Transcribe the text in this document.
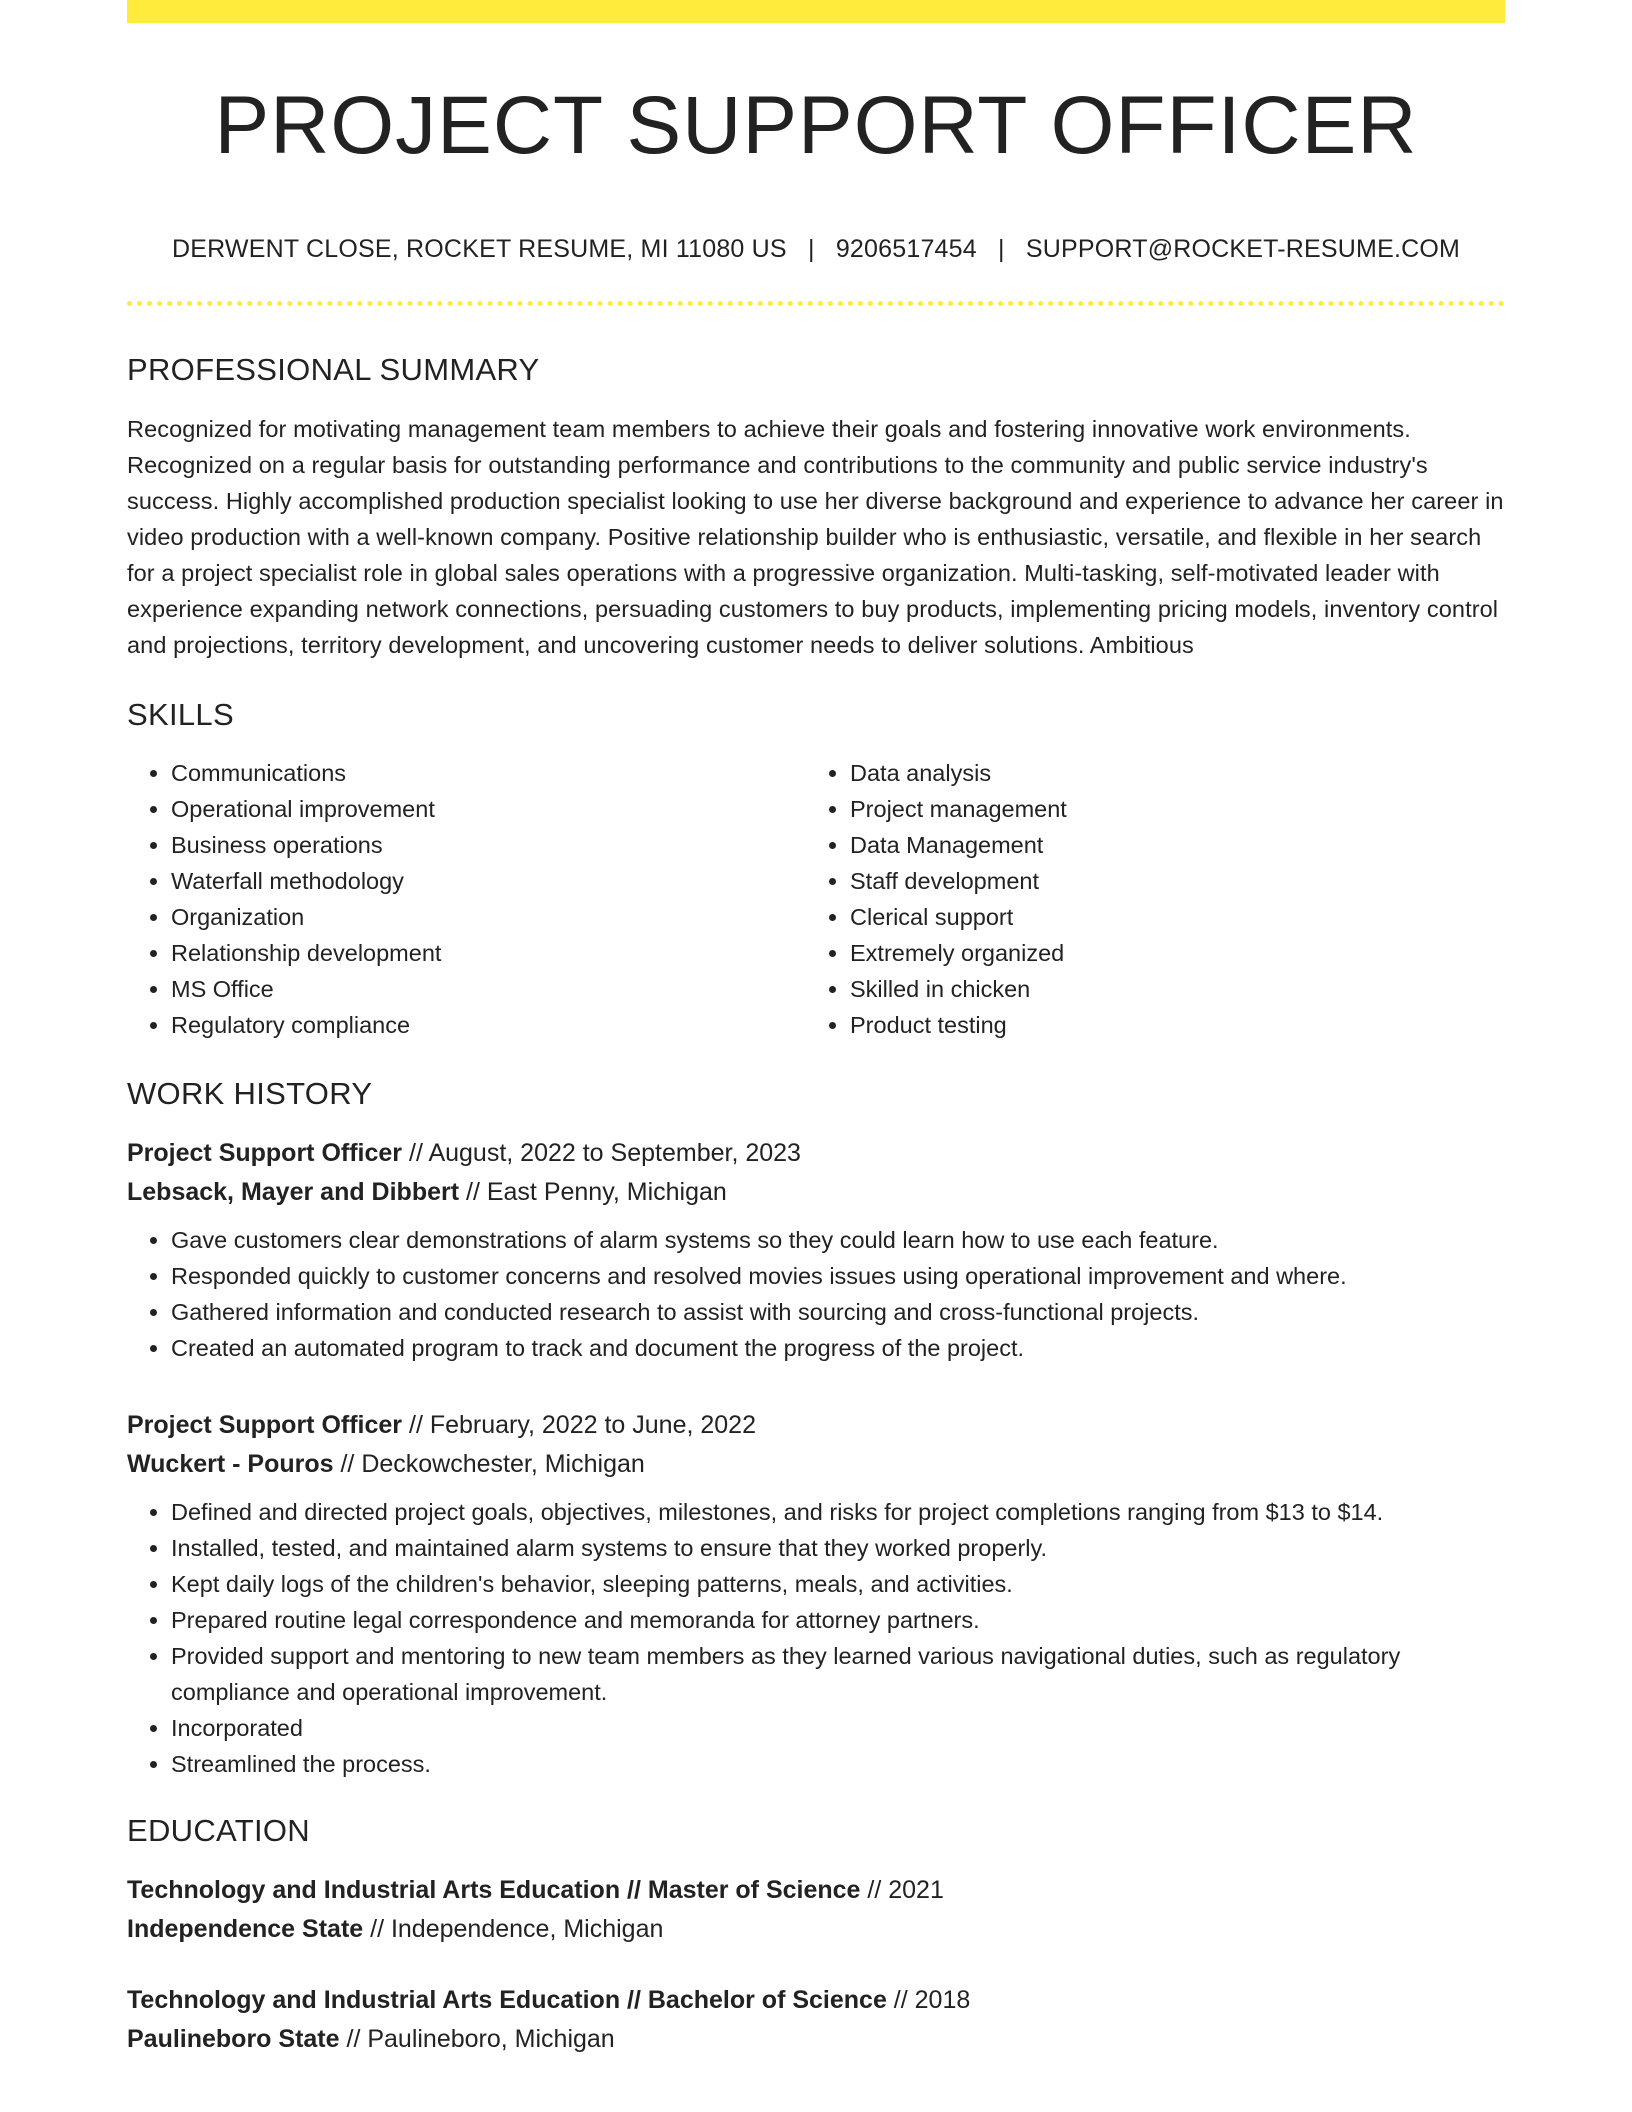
PROJECT SUPPORT OFFICER
DERWENT CLOSE, ROCKET RESUME, MI 11080 US | 9206517454 | SUPPORT@ROCKET-RESUME.COM
PROFESSIONAL SUMMARY
Recognized for motivating management team members to achieve their goals and fostering innovative work environments. Recognized on a regular basis for outstanding performance and contributions to the community and public service industry's success. Highly accomplished production specialist looking to use her diverse background and experience to advance her career in video production with a well-known company. Positive relationship builder who is enthusiastic, versatile, and flexible in her search for a project specialist role in global sales operations with a progressive organization. Multi-tasking, self-motivated leader with experience expanding network connections, persuading customers to buy products, implementing pricing models, inventory control and projections, territory development, and uncovering customer needs to deliver solutions. Ambitious
SKILLS
• Communications
• Operational improvement
• Business operations
• Waterfall methodology
• Organization
• Relationship development
• MS Office
• Regulatory compliance
• Data analysis
• Project management
• Data Management
• Staff development
• Clerical support
• Extremely organized
• Skilled in chicken
• Product testing
WORK HISTORY
Project Support Officer // August, 2022 to September, 2023
Lebsack, Mayer and Dibbert // East Penny, Michigan
• Gave customers clear demonstrations of alarm systems so they could learn how to use each feature.
• Responded quickly to customer concerns and resolved movies issues using operational improvement and where.
• Gathered information and conducted research to assist with sourcing and cross-functional projects.
• Created an automated program to track and document the progress of the project.
Project Support Officer // February, 2022 to June, 2022
Wuckert - Pouros // Deckowchester, Michigan
• Defined and directed project goals, objectives, milestones, and risks for project completions ranging from $13 to $14.
• Installed, tested, and maintained alarm systems to ensure that they worked properly.
• Kept daily logs of the children's behavior, sleeping patterns, meals, and activities.
• Prepared routine legal correspondence and memoranda for attorney partners.
• Provided support and mentoring to new team members as they learned various navigational duties, such as regulatory compliance and operational improvement.
• Incorporated
• Streamlined the process.
EDUCATION
Technology and Industrial Arts Education // Master of Science // 2021
Independence State // Independence, Michigan
Technology and Industrial Arts Education // Bachelor of Science // 2018
Paulineboro State // Paulineboro, Michigan
